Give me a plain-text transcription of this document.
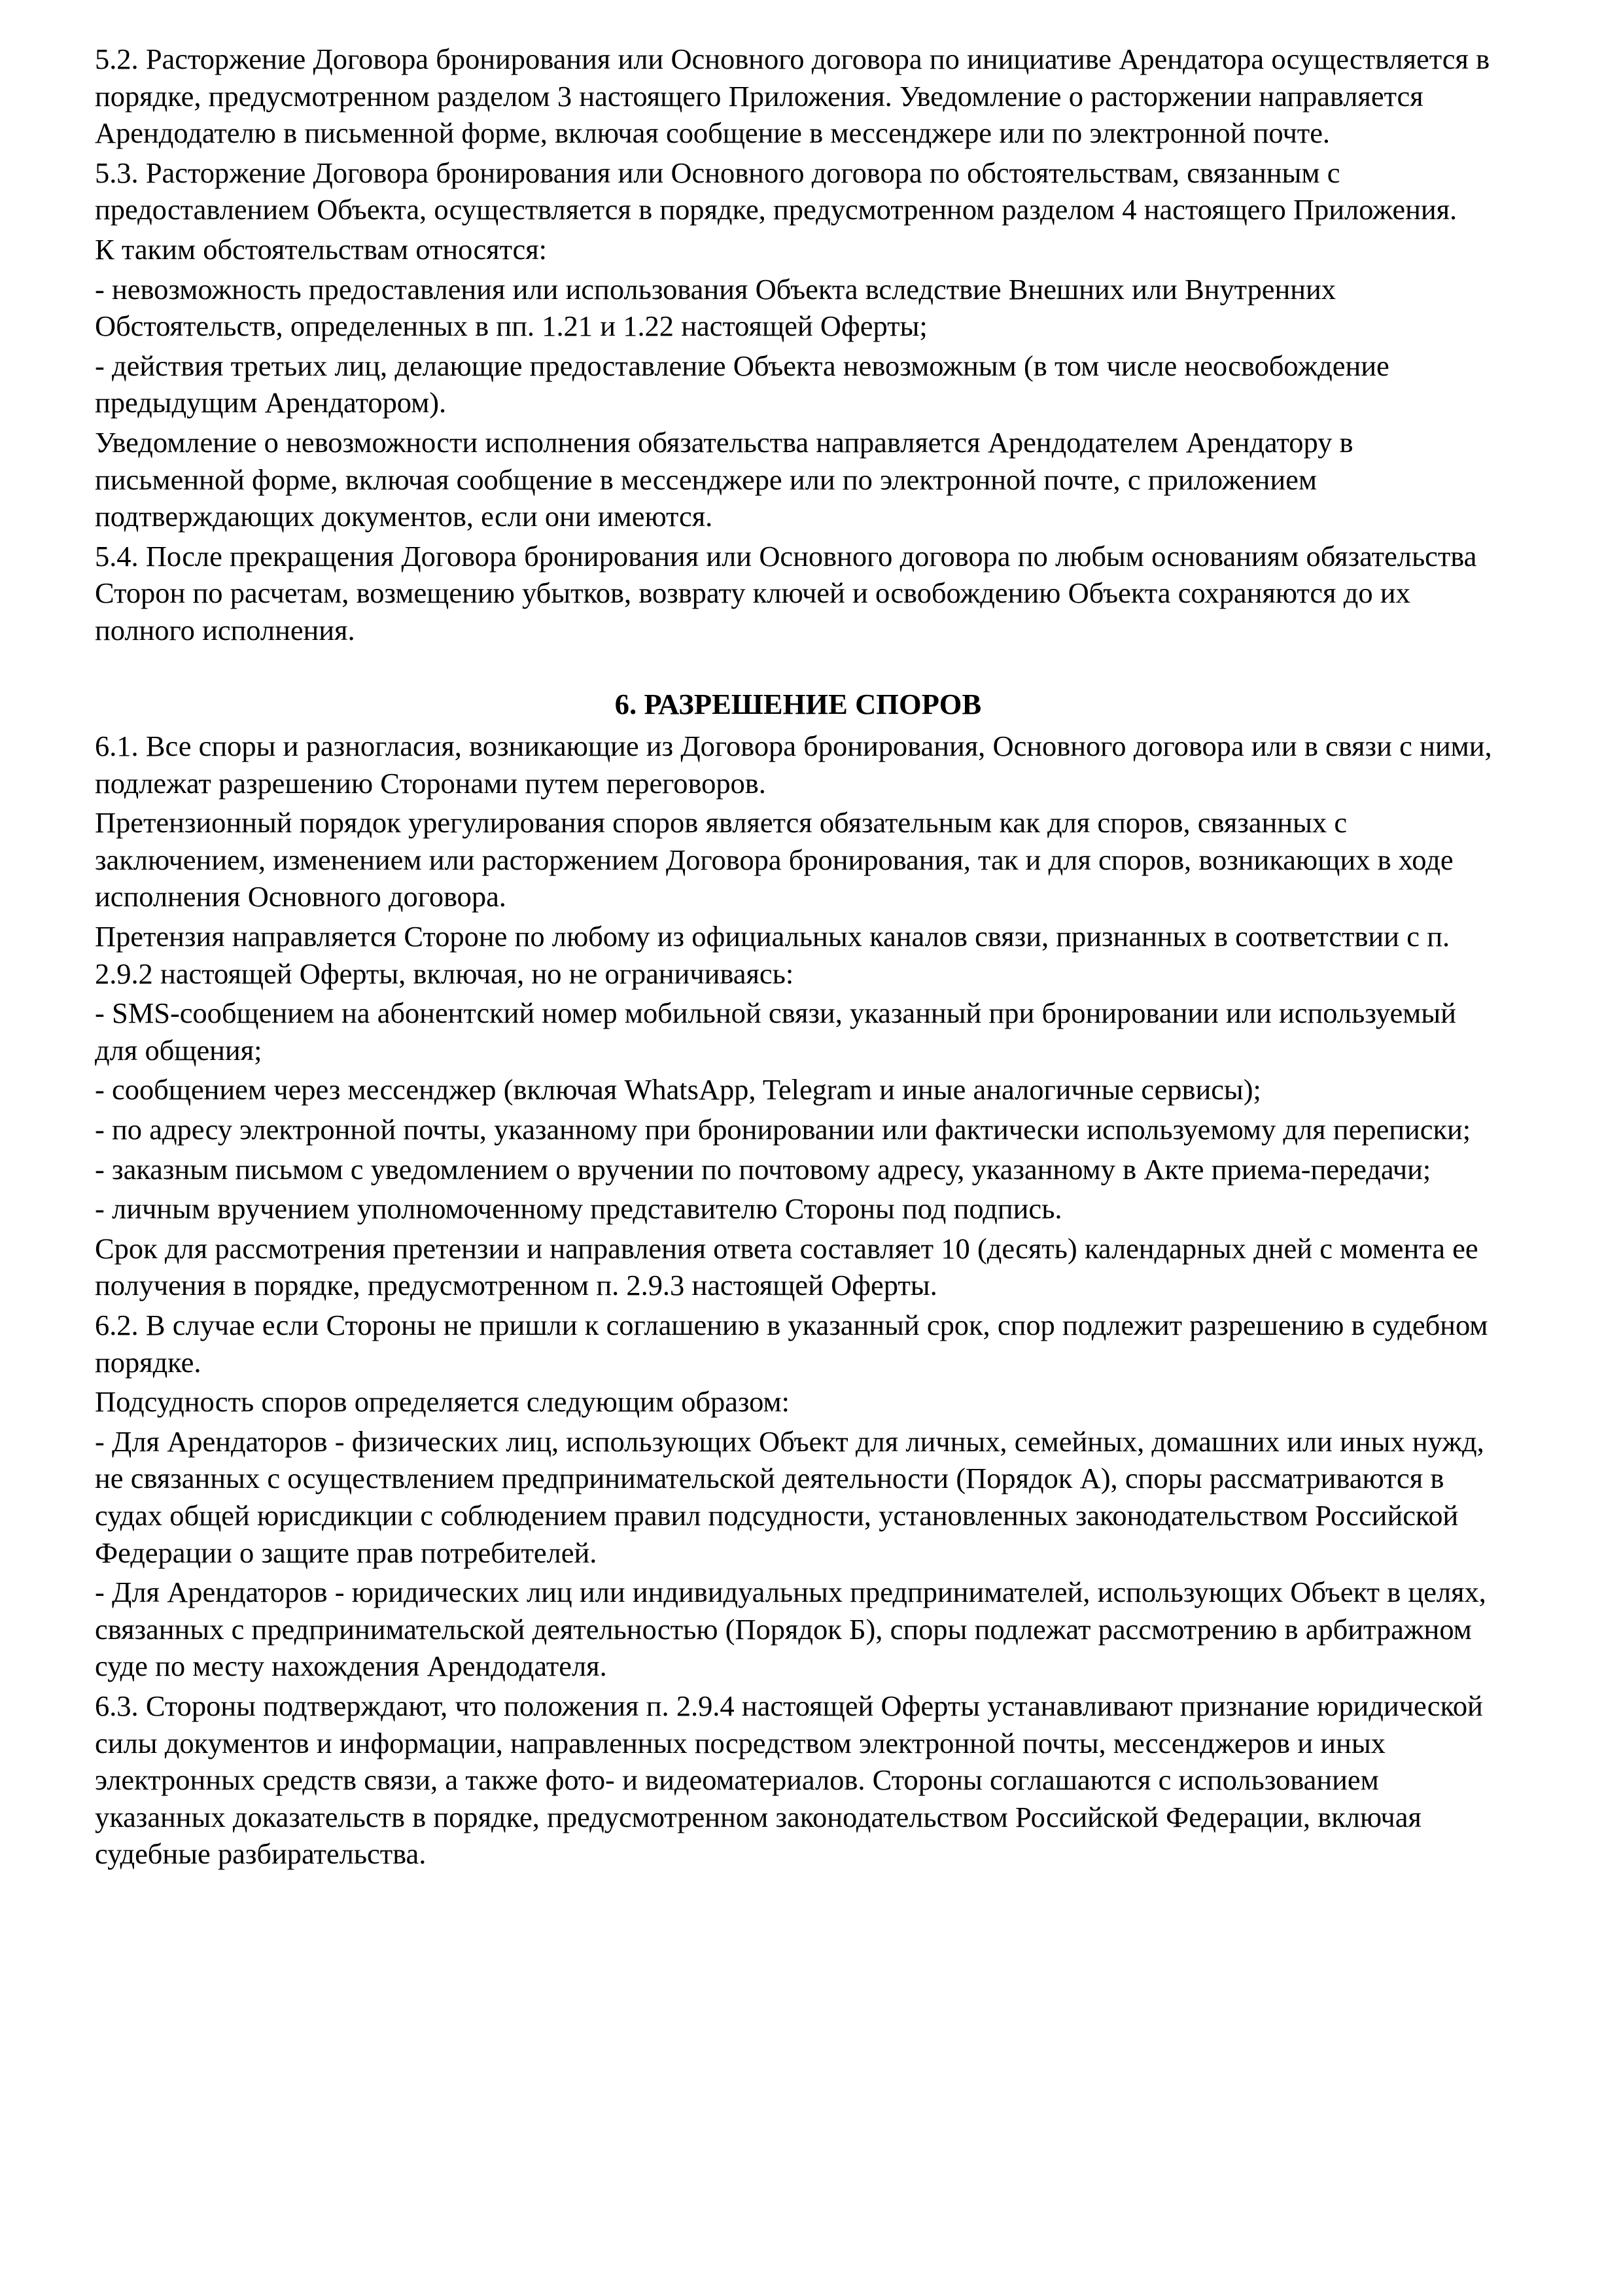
5.2. Расторжение Договора бронирования или Основного договора по инициативе Арендатора осуществляется в порядке, предусмотренном разделом 3 настоящего Приложения. Уведомление о расторжении направляется Арендодателю в письменной форме, включая сообщение в мессенджере или по электронной почте.

5.3. Расторжение Договора бронирования или Основного договора по обстоятельствам, связанным с предоставлением Объекта, осуществляется в порядке, предусмотренном разделом 4 настоящего Приложения.

К таким обстоятельствам относятся:

- невозможность предоставления или использования Объекта вследствие Внешних или Внутренних Обстоятельств, определенных в пп. 1.21 и 1.22 настоящей Оферты;

- действия третьих лиц, делающие предоставление Объекта невозможным (в том числе неосвобождение предыдущим Арендатором).

Уведомление о невозможности исполнения обязательства направляется Арендодателем Арендатору в письменной форме, включая сообщение в мессенджере или по электронной почте, с приложением подтверждающих документов, если они имеются.

5.4. После прекращения Договора бронирования или Основного договора по любым основаниям обязательства Сторон по расчетам, возмещению убытков, возврату ключей и освобождению Объекта сохраняются до их полного исполнения.

6. РАЗРЕШЕНИЕ СПОРОВ

6.1. Все споры и разногласия, возникающие из Договора бронирования, Основного договора или в связи с ними, подлежат разрешению Сторонами путем переговоров.

Претензионный порядок урегулирования споров является обязательным как для споров, связанных с заключением, изменением или расторжением Договора бронирования, так и для споров, возникающих в ходе исполнения Основного договора.

Претензия направляется Стороне по любому из официальных каналов связи, признанных в соответствии с п. 2.9.2 настоящей Оферты, включая, но не ограничиваясь:

- SMS-сообщением на абонентский номер мобильной связи, указанный при бронировании или используемый для общения;

- сообщением через мессенджер (включая WhatsApp, Telegram и иные аналогичные сервисы);

- по адресу электронной почты, указанному при бронировании или фактически используемому для переписки;

- заказным письмом с уведомлением о вручении по почтовому адресу, указанному в Акте приема-передачи;

- личным вручением уполномоченному представителю Стороны под подпись.

Срок для рассмотрения претензии и направления ответа составляет 10 (десять) календарных дней с момента ее получения в порядке, предусмотренном п. 2.9.3 настоящей Оферты.

6.2. В случае если Стороны не пришли к соглашению в указанный срок, спор подлежит разрешению в судебном порядке.

Подсудность споров определяется следующим образом:

- Для Арендаторов - физических лиц, использующих Объект для личных, семейных, домашних или иных нужд, не связанных с осуществлением предпринимательской деятельности (Порядок А), споры рассматриваются в судах общей юрисдикции с соблюдением правил подсудности, установленных законодательством Российской Федерации о защите прав потребителей.

- Для Арендаторов - юридических лиц или индивидуальных предпринимателей, использующих Объект в целях, связанных с предпринимательской деятельностью (Порядок Б), споры подлежат рассмотрению в арбитражном суде по месту нахождения Арендодателя.

6.3. Стороны подтверждают, что положения п. 2.9.4 настоящей Оферты устанавливают признание юридической силы документов и информации, направленных посредством электронной почты, мессенджеров и иных электронных средств связи, а также фото- и видеоматериалов. Стороны соглашаются с использованием указанных доказательств в порядке, предусмотренном законодательством Российской Федерации, включая судебные разбирательства.
